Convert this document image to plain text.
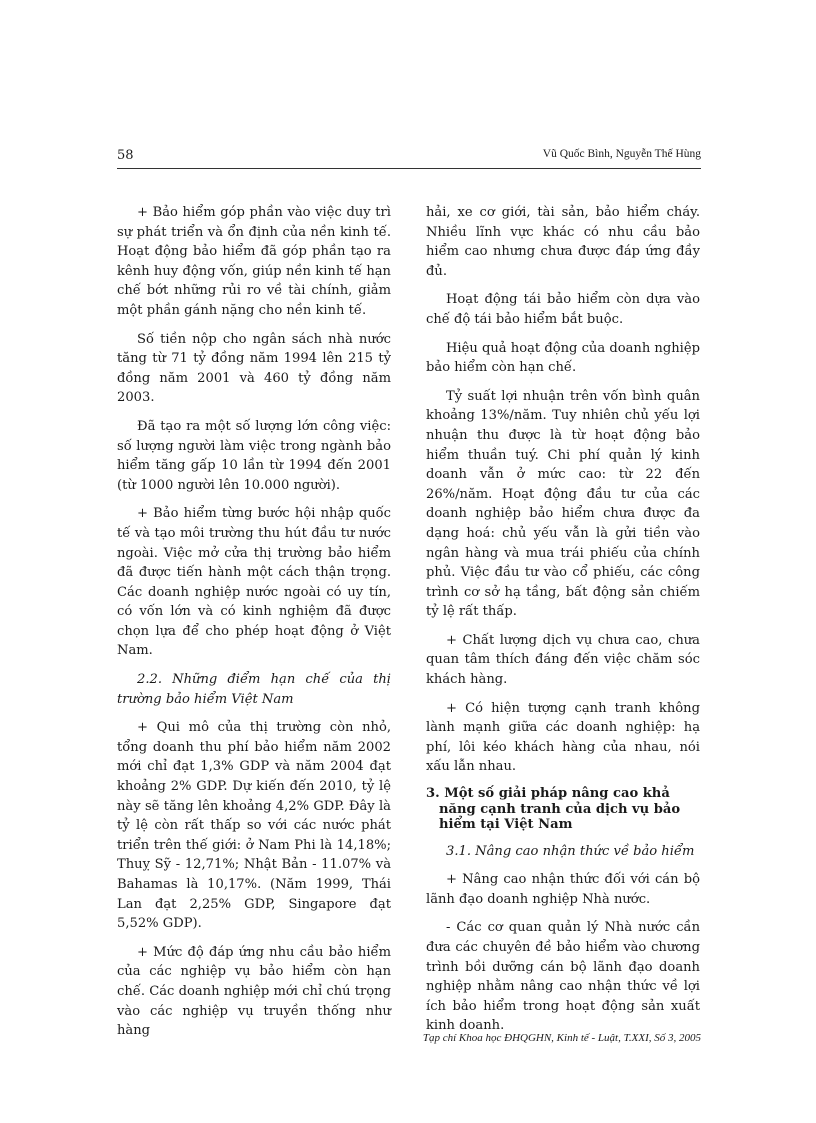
58	Vũ Quốc Bình, Nguyễn Thế Hùng

+ Bảo hiểm góp phần vào việc duy trì sự phát triển và ổn định của nền kinh tế. Hoạt động bảo hiểm đã góp phần tạo ra kênh huy động vốn, giúp nền kinh tế hạn chế bớt những rủi ro về tài chính, giảm một phần gánh nặng cho nền kinh tế.

Số tiền nộp cho ngân sách nhà nước tăng từ 71 tỷ đồng năm 1994 lên 215 tỷ đồng năm 2001 và 460 tỷ đồng năm 2003.

Đã tạo ra một số lượng lớn công việc: số lượng người làm việc trong ngành bảo hiểm tăng gấp 10 lần từ 1994 đến 2001 (từ 1000 người lên 10.000 người).

+ Bảo hiểm từng bước hội nhập quốc tế và tạo môi trường thu hút đầu tư nước ngoài. Việc mở cửa thị trường bảo hiểm đã được tiến hành một cách thận trọng. Các doanh nghiệp nước ngoài có uy tín, có vốn lớn và có kinh nghiệm đã được chọn lựa để cho phép hoạt động ở Việt Nam.

2.2. Những điểm hạn chế của thị trường bảo hiểm Việt Nam

+ Qui mô của thị trường còn nhỏ, tổng doanh thu phí bảo hiểm năm 2002 mới chỉ đạt 1,3% GDP và năm 2004 đạt khoảng 2% GDP. Dự kiến đến 2010, tỷ lệ này sẽ tăng lên khoảng 4,2% GDP. Đây là tỷ lệ còn rất thấp so với các nước phát triển trên thế giới: ở Nam Phi là 14,18%; Thuỵ Sỹ - 12,71%; Nhật Bản - 11.07% và Bahamas là 10,17%. (Năm 1999, Thái Lan đạt 2,25% GDP, Singapore đạt 5,52% GDP).

+ Mức độ đáp ứng nhu cầu bảo hiểm của các nghiệp vụ bảo hiểm còn hạn chế. Các doanh nghiệp mới chỉ chú trọng vào các nghiệp vụ truyền thống như hàng

hải, xe cơ giới, tài sản, bảo hiểm cháy. Nhiều lĩnh vực khác có nhu cầu bảo hiểm cao nhưng chưa được đáp ứng đầy đủ.

Hoạt động tái bảo hiểm còn dựa vào chế độ tái bảo hiểm bắt buộc.

Hiệu quả hoạt động của doanh nghiệp bảo hiểm còn hạn chế.

Tỷ suất lợi nhuận trên vốn bình quân khoảng 13%/năm. Tuy nhiên chủ yếu lợi nhuận thu được là từ hoạt động bảo hiểm thuần tuý. Chi phí quản lý kinh doanh vẫn ở mức cao: từ 22 đến 26%/năm. Hoạt động đầu tư của các doanh nghiệp bảo hiểm chưa được đa dạng hoá: chủ yếu vẫn là gửi tiền vào ngân hàng và mua trái phiếu của chính phủ. Việc đầu tư vào cổ phiếu, các công trình cơ sở hạ tầng, bất động sản chiếm tỷ lệ rất thấp.

+ Chất lượng dịch vụ chưa cao, chưa quan tâm thích đáng đến việc chăm sóc khách hàng.

+ Có hiện tượng cạnh tranh không lành mạnh giữa các doanh nghiệp: hạ phí, lôi kéo khách hàng của nhau, nói xấu lẫn nhau.

3. Một số giải pháp nâng cao khả năng cạnh tranh của dịch vụ bảo hiểm tại Việt Nam

3.1. Nâng cao nhận thức về bảo hiểm

+ Nâng cao nhận thức đối với cán bộ lãnh đạo doanh nghiệp Nhà nước.

- Các cơ quan quản lý Nhà nước cần đưa các chuyên đề bảo hiểm vào chương trình bồi dưỡng cán bộ lãnh đạo doanh nghiệp nhằm nâng cao nhận thức về lợi ích bảo hiểm trong hoạt động sản xuất kinh doanh.

Tạp chí Khoa học ĐHQGHN, Kinh tế - Luật, T.XXI, Số 3, 2005
